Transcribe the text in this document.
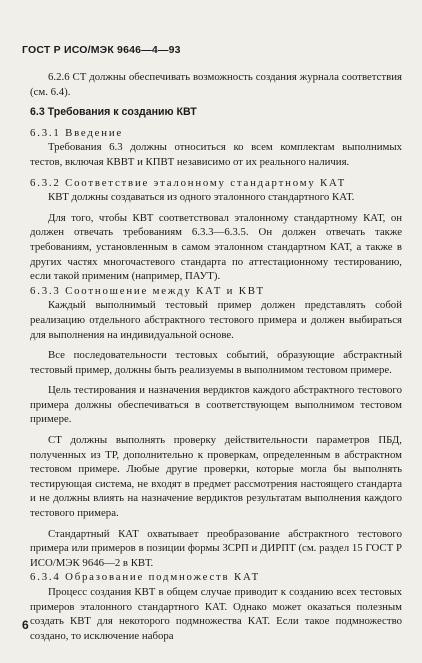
ГОСТ Р ИСО/МЭК 9646—4—93

6.2.6 СТ должны обеспечивать возможность создания журнала соответствия (см. 6.4).

6.3 Требования к созданию КВТ

6.3.1 Введение

Требования 6.3 должны относиться ко всем комплектам выполнимых тестов, включая КВВТ и КПВТ независимо от их реального наличия.

6.3.2 Соответствие эталонному стандартному КАТ

КВТ должны создаваться из одного эталонного стандартного КАТ.

Для того, чтобы КВТ соответствовал эталонному стандартному КАТ, он должен отвечать требованиям 6.3.3—6.3.5. Он должен отвечать также требованиям, установленным в самом эталонном стандартном КАТ, а также в других частях многочастевого стандарта по аттестационному тестированию, если такой применим (например, ПАУТ).

6.3.3 Соотношение между КАТ и КВТ

Каждый выполнимый тестовый пример должен представлять собой реализацию отдельного абстрактного тестового примера и должен выбираться для выполнения на индивидуальной основе.

Все последовательности тестовых событий, образующие абстрактный тестовый пример, должны быть реализуемы в выполнимом тестовом примере.

Цель тестирования и назначения вердиктов каждого абстрактного тестового примера должны обеспечиваться в соответствующем выполнимом тестовом примере.

СТ должны выполнять проверку действительности параметров ПБД, полученных из ТР, дополнительно к проверкам, определенным в абстрактном тестовом примере. Любые другие проверки, которые могла бы выполнять тестирующая система, не входят в предмет рассмотрения настоящего стандарта и не должны влиять на назначение вердиктов результатам выполнения каждого тестового примера.

Стандартный КАТ охватывает преобразование абстрактного тестового примера или примеров в позиции формы ЗСРП и ДИРПТ (см. раздел 15 ГОСТ Р ИСО/МЭК 9646—2 в КВТ.

6.3.4 Образование подмножеств КАТ

Процесс создания КВТ в общем случае приводит к созданию всех тестовых примеров эталонного стандартного КАТ. Однако может оказаться полезным создать КВТ для некоторого подмножества КАТ. Если такое подмножество создано, то исключение набора

6
